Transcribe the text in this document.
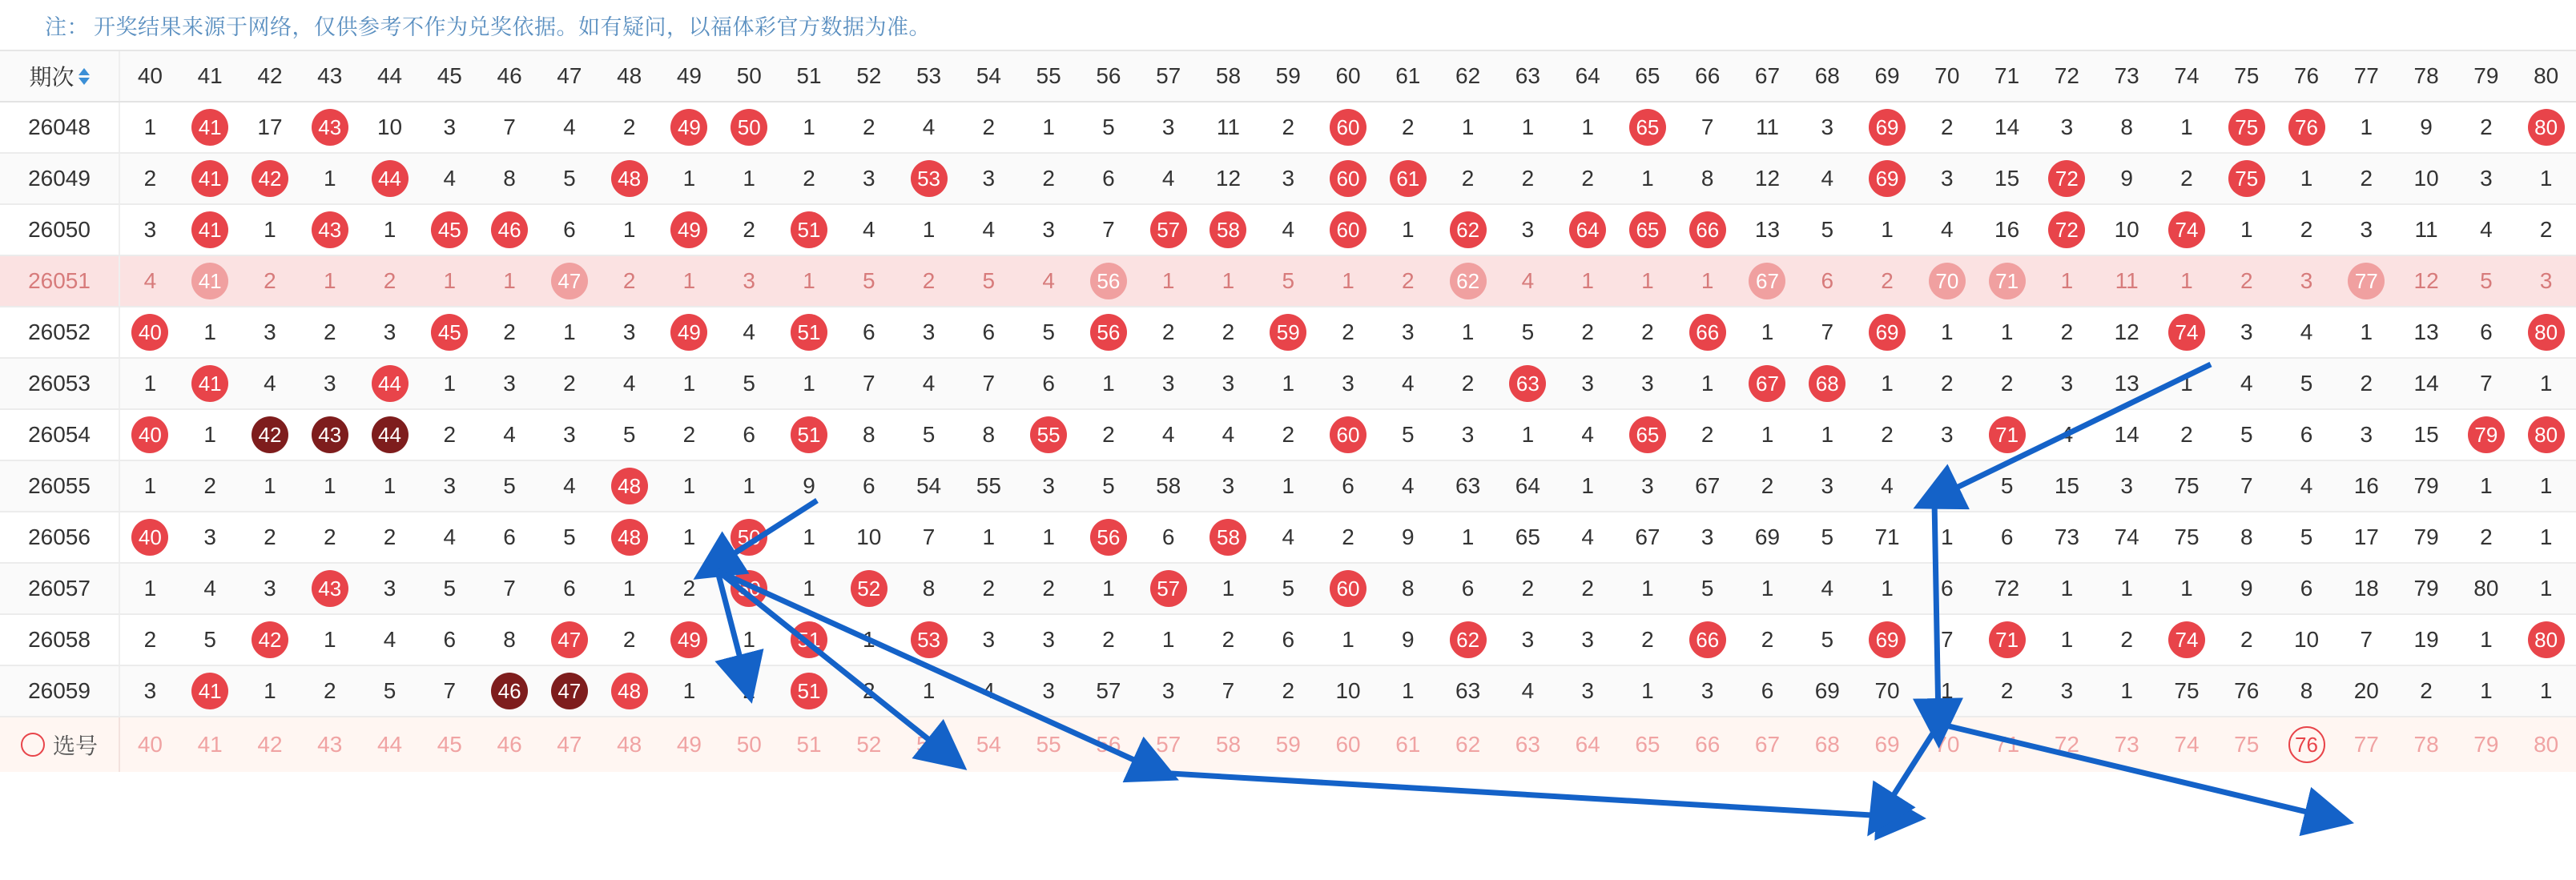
注： 开奖结果来源于网络，仅供参考不作为兑奖依据。如有疑问，以福体彩官方数据为准。
期次	40	41	42	43	44	45	46	47	48	49	50	51	52	53	54	55	56	57	58	59	60	61	62	63	64	65	66	67	68	69	70	71	72	73	74	75	76	77	78	79	80
26048	1	41	17	43	10	3	7	4	2	49	50	1	2	4	2	1	5	3	11	2	60	2	1	1	1	65	7	11	3	69	2	14	3	8	1	75	76	1	9	2	80
26049	2	41	42	1	44	4	8	5	48	1	1	2	3	53	3	2	6	4	12	3	60	61	2	2	2	1	8	12	4	69	3	15	72	9	2	75	1	2	10	3	1
26050	3	41	1	43	1	45	46	6	1	49	2	51	4	1	4	3	7	57	58	4	60	1	62	3	64	65	66	13	5	1	4	16	72	10	74	1	2	3	11	4	2
26051	4	41	2	1	2	1	1	47	2	1	3	1	5	2	5	4	56	1	1	5	1	2	62	4	1	1	1	67	6	2	70	71	1	11	1	2	3	77	12	5	3
26052	40	1	3	2	3	45	2	1	3	49	4	51	6	3	6	5	56	2	2	59	2	3	1	5	2	2	66	1	7	69	1	1	2	12	74	3	4	1	13	6	80
26053	1	41	4	3	44	1	3	2	4	1	5	1	7	4	7	6	1	3	3	1	3	4	2	63	3	3	1	67	68	1	2	2	3	13	1	4	5	2	14	7	1
26054	40	1	42	43	44	2	4	3	5	2	6	51	8	5	8	55	2	4	4	2	60	5	3	1	4	65	2	1	1	2	3	71	4	14	2	5	6	3	15	79	80
26055	1	2	1	1	1	3	5	4	48	1	1	9	6	54	55	3	5	58	3	1	6	4	63	64	1	3	67	2	3	4	1	5	15	3	75	7	4	16	79	1	1
26056	40	3	2	2	2	4	6	5	48	1	50	1	10	7	1	1	56	6	58	4	2	9	1	65	4	67	3	69	5	71	1	6	73	74	75	8	5	17	79	2	1
26057	1	4	3	43	3	5	7	6	1	2	50	1	52	8	2	2	1	57	1	5	60	8	6	2	2	1	5	1	4	1	6	72	1	1	1	9	6	18	79	80	1
26058	2	5	42	1	4	6	8	47	2	49	1	51	1	53	3	3	2	1	2	6	1	9	62	3	3	2	66	2	5	69	7	71	1	2	74	2	10	7	19	1	80
26059	3	41	1	2	5	7	46	47	48	1	2	51	2	1	4	3	57	3	7	2	10	1	63	4	3	1	3	6	69	70	1	2	3	1	75	76	8	20	2	1	1
选号	40	41	42	43	44	45	46	47	48	49	50	51	52	53	54	55	56	57	58	59	60	61	62	63	64	65	66	67	68	69	70	71	72	73	74	75	76	77	78	79	80
